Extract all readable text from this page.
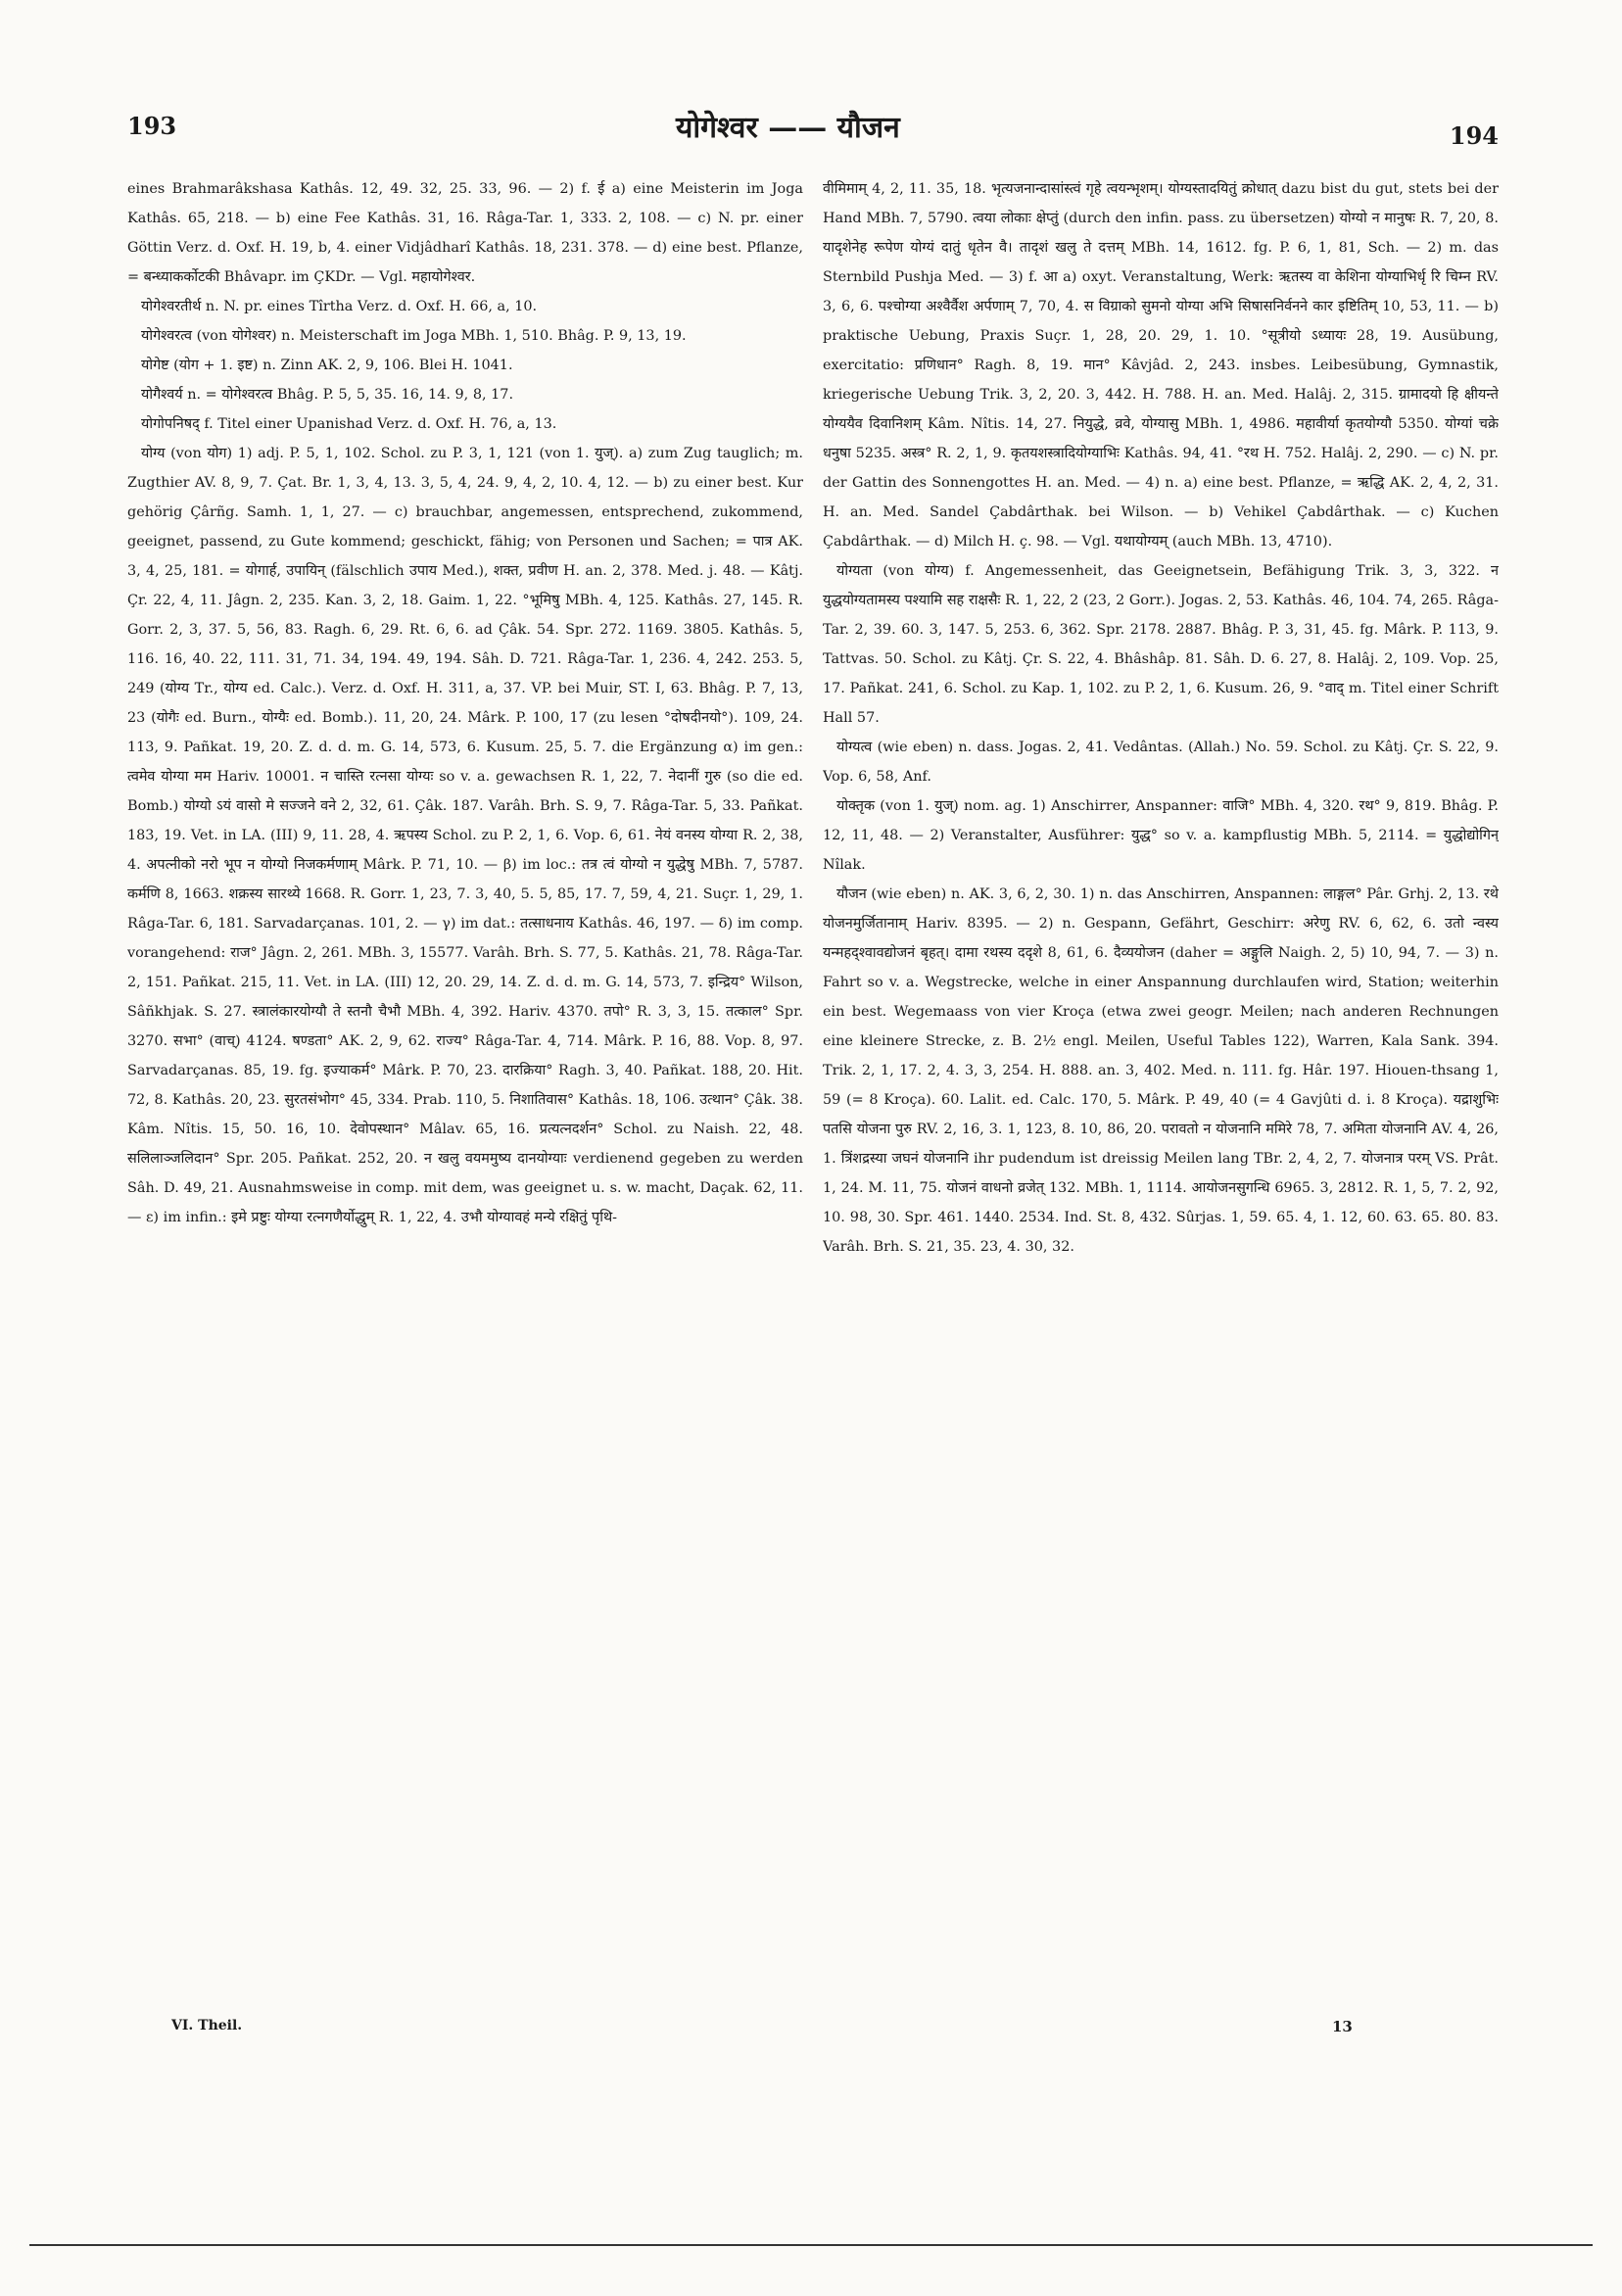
193	योगेश्वर —— यौजन	194

eines Brahmarâkshasa Kathâs. 12, 49. 32, 25. 33, 96. — 2) f. ई a) eine Meisterin im Joga Kathâs. 65, 218. — b) eine Fee Kathâs. 31, 16. Râga-Tar. 1, 333. 2, 108. — c) N. pr. einer Göttin Verz. d. Oxf. H. 19, b, 4. einer Vidjâdharî Kathâs. 18, 231. 378. — d) eine best. Pflanze, = बन्ध्याकर्कोटकी Bhâvapr. im ÇKDr. — Vgl. महायोगेश्वर.

योगेश्वरतीर्थ n. N. pr. eines Tîrtha Verz. d. Oxf. H. 66, a, 10.

योगेश्वरत्व (von योगेश्वर) n. Meisterschaft im Joga MBh. 1, 510. Bhâg. P. 9, 13, 19.

योगेष्ट (योग + 1. इष्ट) n. Zinn AK. 2, 9, 106. Blei H. 1041.

योगैश्वर्य n. = योगेश्वरत्व Bhâg. P. 5, 5, 35. 16, 14. 9, 8, 17.

योगोपनिषद् f. Titel einer Upanishad Verz. d. Oxf. H. 76, a, 13.

योग्य (von योग) 1) adj. P. 5, 1, 102. Schol. zu P. 3, 1, 121 (von 1. युज्). a) zum Zug tauglich; m. Zugthier AV. 8, 9, 7. Çat. Br. 1, 3, 4, 13. 3, 5, 4, 24. 9, 4, 2, 10. 4, 12. — b) zu einer best. Kur gehörig Çârñg. Samh. 1, 1, 27. — c) brauchbar, angemessen, entsprechend, zukommend, geeignet, passend, zu Gute kommend; geschickt, fähig; von Personen und Sachen; = पात्र AK. 3, 4, 25, 181. = योगार्ह, उपायिन् (fälschlich उपाय Med.), शक्त, प्रवीण H. an. 2, 378. Med. j. 48. — Kâtj. Çr. 22, 4, 11. Jâgn. 2, 235. Kan. 3, 2, 18. Gaim. 1, 22. °भूमिषु MBh. 4, 125. Kathâs. 27, 145. R. Gorr. 2, 3, 37. 5, 56, 83. Ragh. 6, 29. Rt. 6, 6. ad Çâk. 54. Spr. 272. 1169. 3805. Kathâs. 5, 116. 16, 40. 22, 111. 31, 71. 34, 194. 49, 194. Sâh. D. 721. Râga-Tar. 1, 236. 4, 242. 253. 5, 249 (योग्य Tr., योग्य ed. Calc.). Verz. d. Oxf. H. 311, a, 37. VP. bei Muir, ST. I, 63. Bhâg. P. 7, 13, 23 (योगैः ed. Burn., योग्यैः ed. Bomb.). 11, 20, 24. Mârk. P. 100, 17 (zu lesen °दोषदीनयो°). 109, 24. 113, 9. Pañkat. 19, 20. Z. d. d. m. G. 14, 573, 6. Kusum. 25, 5. 7. die Ergänzung α) im gen.: त्वमेव योग्या मम Hariv. 10001. न चास्ति रत्नसा योग्यः so v. a. gewachsen R. 1, 22, 7. नेदानीं गुरु (so die ed. Bomb.) योग्यो ऽयं वासो मे सज्जने वने 2, 32, 61. Çâk. 187. Varâh. Brh. S. 9, 7. Râga-Tar. 5, 33. Pañkat. 183, 19. Vet. in LA. (III) 9, 11. 28, 4. ऋपस्य Schol. zu P. 2, 1, 6. Vop. 6, 61. नेयं वनस्य योग्या R. 2, 38, 4. अपत्नीको नरो भूप न योग्यो निजकर्मणाम् Mârk. P. 71, 10. — β) im loc.: तत्र त्वं योग्यो न युद्धेषु MBh. 7, 5787. कर्मणि 8, 1663. शक्रस्य सारथ्ये 1668. R. Gorr. 1, 23, 7. 3, 40, 5. 5, 85, 17. 7, 59, 4, 21. Suçr. 1, 29, 1. Râga-Tar. 6, 181. Sarvadarçanas. 101, 2. — γ) im dat.: तत्साधनाय Kathâs. 46, 197. — δ) im comp. vorangehend: राज° Jâgn. 2, 261. MBh. 3, 15577. Varâh. Brh. S. 77, 5. Kathâs. 21, 78. Râga-Tar. 2, 151. Pañkat. 215, 11. Vet. in LA. (III) 12, 20. 29, 14. Z. d. d. m. G. 14, 573, 7. इन्द्रिय° Wilson, Sâñkhjak. S. 27. स्त्रालंकारयोग्यौ ते स्तनौ चैभौ MBh. 4, 392. Hariv. 4370. तपो° R. 3, 3, 15. तत्काल° Spr. 3270. सभा° (वाच्) 4124. षण्डता° AK. 2, 9, 62. राज्य° Râga-Tar. 4, 714. Mârk. P. 16, 88. Vop. 8, 97. Sarvadarçanas. 85, 19. fg. इज्याकर्म° Mârk. P. 70, 23. दारक्रिया° Ragh. 3, 40. Pañkat. 188, 20. Hit. 72, 8. Kathâs. 20, 23. सुरतसंभोग° 45, 334. Prab. 110, 5. निशातिवास° Kathâs. 18, 106. उत्थान° Çâk. 38. Kâm. Nîtis. 15, 50. 16, 10. देवोपस्थान° Mâlav. 65, 16. प्रत्यत्नदर्शन° Schol. zu Naish. 22, 48. सलिलाञ्जलिदान° Spr. 205. Pañkat. 252, 20. न खलु वयममुष्य दानयोग्याः verdienend gegeben zu werden Sâh. D. 49, 21. Ausnahmsweise in comp. mit dem, was geeignet u. s. w. macht, Daçak. 62, 11. — ε) im infin.: इमे प्रष्टुः योग्या रत्नगणैर्योद्धुम् R. 1, 22, 4. उभौ योग्यावहं मन्ये रक्षितुं पृथि-

वीमिमाम् 4, 2, 11. 35, 18. भृत्यजनान्दासांस्त्वं गृहे त्वयन्भृशम्। योग्यस्तादयितुं क्रोधात् dazu bist du gut, stets bei der Hand MBh. 7, 5790. त्वया लोकाः क्षेप्तुं (durch den infin. pass. zu übersetzen) योग्यो न मानुषः R. 7, 20, 8. यादृशेनेह रूपेण योग्यं दातुं धृतेन वै। तादृशं खलु ते दत्तम् MBh. 14, 1612. fg. P. 6, 1, 81, Sch. — 2) m. das Sternbild Pushja Med. — 3) f. आ a) oxyt. Veranstaltung, Werk: ऋतस्य वा केशिना योग्याभिर्धृ रि चिम्न RV. 3, 6, 6. पश्चोग्या अश्वैर्वैश अर्पणाम् 7, 70, 4. स विग्राको सुमनो योग्या अभि सिषासनिर्वनने कार इष्टितिम् 10, 53, 11. — b) praktische Uebung, Praxis Suçr. 1, 28, 20. 29, 1. 10. °सूत्रीयो ऽध्यायः 28, 19. Ausübung, exercitatio: प्रणिधान° Ragh. 8, 19. मान° Kâvjâd. 2, 243. insbes. Leibesübung, Gymnastik, kriegerische Uebung Trik. 3, 2, 20. 3, 442. H. 788. H. an. Med. Halâj. 2, 315. ग्रामादयो हि क्षीयन्ते योग्ययैव दिवानिशम् Kâm. Nîtis. 14, 27. नियुद्धे, व्रवे, योग्यासु MBh. 1, 4986. महावीर्या कृतयोग्यौ 5350. योग्यां चक्रे धनुषा 5235. अस्त्र° R. 2, 1, 9. कृतयशस्त्रादियोग्याभिः Kathâs. 94, 41. °रथ H. 752. Halâj. 2, 290. — c) N. pr. der Gattin des Sonnengottes H. an. Med. — 4) n. a) eine best. Pflanze, = ऋद्धि AK. 2, 4, 2, 31. H. an. Med. Sandel Çabdârthak. bei Wilson. — b) Vehikel Çabdârthak. — c) Kuchen Çabdârthak. — d) Milch H. ç. 98. — Vgl. यथायोग्यम् (auch MBh. 13, 4710).

योग्यता (von योग्य) f. Angemessenheit, das Geeignetsein, Befähigung Trik. 3, 3, 322. न युद्धयोग्यतामस्य पश्यामि सह राक्षसैः R. 1, 22, 2 (23, 2 Gorr.). Jogas. 2, 53. Kathâs. 46, 104. 74, 265. Râga-Tar. 2, 39. 60. 3, 147. 5, 253. 6, 362. Spr. 2178. 2887. Bhâg. P. 3, 31, 45. fg. Mârk. P. 113, 9. Tattvas. 50. Schol. zu Kâtj. Çr. S. 22, 4. Bhâshâp. 81. Sâh. D. 6. 27, 8. Halâj. 2, 109. Vop. 25, 17. Pañkat. 241, 6. Schol. zu Kap. 1, 102. zu P. 2, 1, 6. Kusum. 26, 9. °वाद् m. Titel einer Schrift Hall 57.

योग्यत्व (wie eben) n. dass. Jogas. 2, 41. Vedântas. (Allah.) No. 59. Schol. zu Kâtj. Çr. S. 22, 9. Vop. 6, 58, Anf.

योक्तृक (von 1. युज्) nom. ag. 1) Anschirrer, Anspanner: वाजि° MBh. 4, 320. रथ° 9, 819. Bhâg. P. 12, 11, 48. — 2) Veranstalter, Ausführer: युद्ध° so v. a. kampflustig MBh. 5, 2114. = युद्धोद्योगिन् Nîlak.

यौजन (wie eben) n. AK. 3, 6, 2, 30. 1) n. das Anschirren, Anspannen: लाङ्गल° Pâr. Grhj. 2, 13. रथे योजनमुर्जितानाम् Hariv. 8395. — 2) n. Gespann, Gefährt, Geschirr: अरेणु RV. 6, 62, 6. उतो न्वस्य यन्महद्श्वावद्योजनं बृहत्। दामा रथस्य ददृशे 8, 61, 6. दैव्ययोजन (daher = अङ्गुलि Naigh. 2, 5) 10, 94, 7. — 3) n. Fahrt so v. a. Wegstrecke, welche in einer Anspannung durchlaufen wird, Station; weiterhin ein best. Wegemaass von vier Kroça (etwa zwei geogr. Meilen; nach anderen Rechnungen eine kleinere Strecke, z. B. 2½ engl. Meilen, Useful Tables 122), Warren, Kala Sank. 394. Trik. 2, 1, 17. 2, 4. 3, 3, 254. H. 888. an. 3, 402. Med. n. 111. fg. Hâr. 197. Hiouen-thsang 1, 59 (= 8 Kroça). 60. Lalit. ed. Calc. 170, 5. Mârk. P. 49, 40 (= 4 Gavjûti d. i. 8 Kroça). यद्राशुभिः पतसि योजना पुरु RV. 2, 16, 3. 1, 123, 8. 10, 86, 20. परावतो न योजनानि ममिरे 78, 7. अमिता योजनानि AV. 4, 26, 1. त्रिंशद्रस्या जघनं योजनानि ihr pudendum ist dreissig Meilen lang TBr. 2, 4, 2, 7. योजनात्र परम् VS. Prât. 1, 24. M. 11, 75. योजनं वाधनो व्रजेत् 132. MBh. 1, 1114. आयोजनसुगन्धि 6965. 3, 2812. R. 1, 5, 7. 2, 92, 10. 98, 30. Spr. 461. 1440. 2534. Ind. St. 8, 432. Sûrjas. 1, 59. 65. 4, 1. 12, 60. 63. 65. 80. 83. Varâh. Brh. S. 21, 35. 23, 4. 30, 32.

VI. Theil.	13
